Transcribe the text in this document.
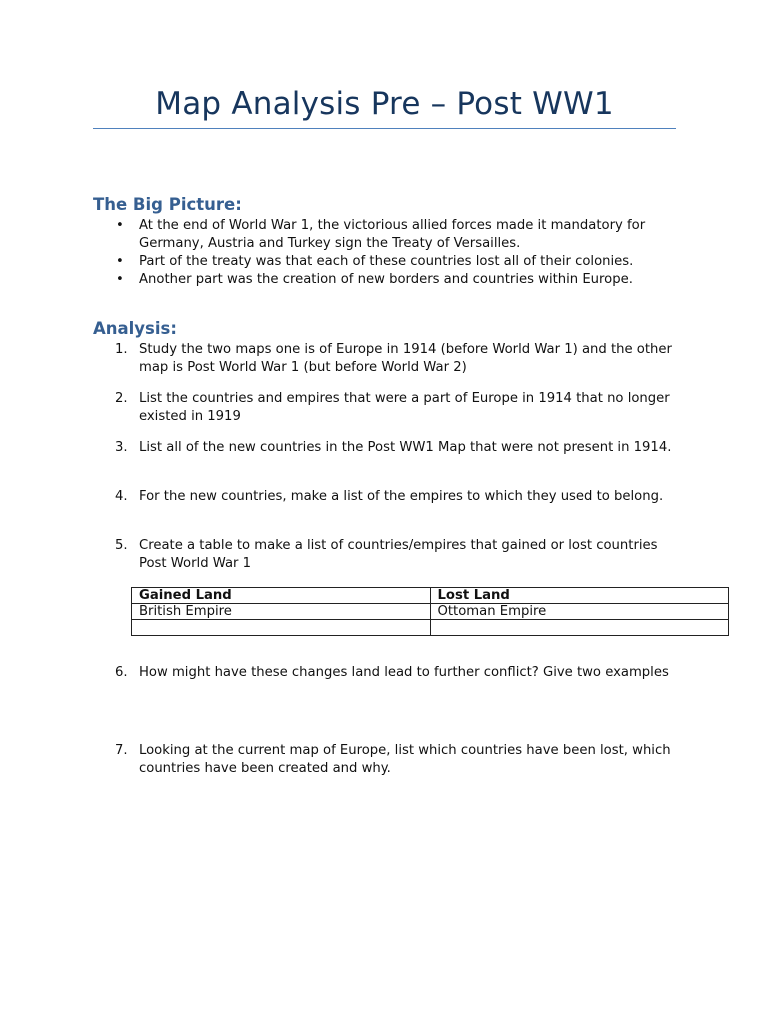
Map Analysis Pre – Post WW1
The Big Picture:
• At the end of World War 1, the victorious allied forces made it mandatory for Germany, Austria and Turkey sign the Treaty of Versailles.
• Part of the treaty was that each of these countries lost all of their colonies.
• Another part was the creation of new borders and countries within Europe.
Analysis:
1. Study the two maps one is of Europe in 1914 (before World War 1) and the other map is Post World War 1 (but before World War 2)
2. List the countries and empires that were a part of Europe in 1914 that no longer existed in 1919
3. List all of the new countries in the Post WW1 Map that were not present in 1914.
4. For the new countries, make a list of the empires to which they used to belong.
5. Create a table to make a list of countries/empires that gained or lost countries Post World War 1
Gained Land	Lost Land
British Empire	Ottoman Empire

6. How might have these changes land lead to further conflict? Give two examples
7. Looking at the current map of Europe, list which countries have been lost, which countries have been created and why.
